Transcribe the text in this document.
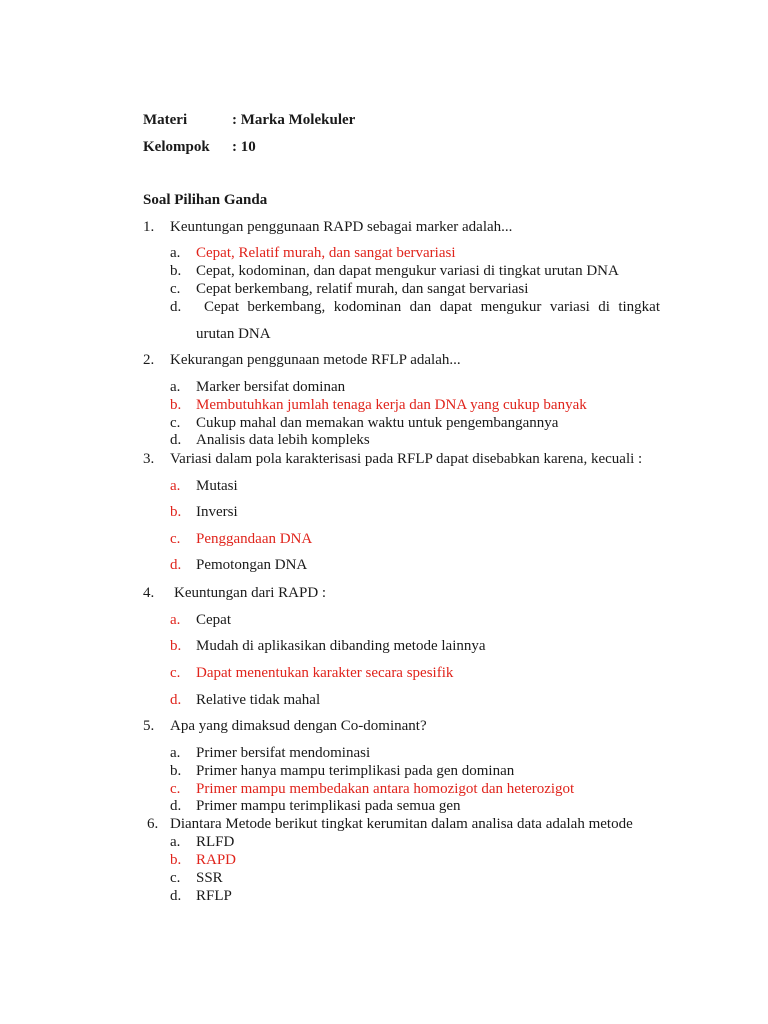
Materi	: Marka Molekuler
Kelompok : 10
Soal Pilihan Ganda
1. Keuntungan penggunaan RAPD sebagai marker adalah...
a. Cepat, Relatif murah, dan sangat bervariasi
b. Cepat, kodominan, dan dapat mengukur variasi di tingkat urutan DNA
c. Cepat berkembang, relatif murah, dan sangat bervariasi
d. Cepat berkembang, kodominan dan dapat mengukur variasi di tingkat
urutan DNA
2. Kekurangan penggunaan metode RFLP adalah...
a. Marker bersifat dominan
b. Membutuhkan jumlah tenaga kerja dan DNA yang cukup banyak
c. Cukup mahal dan memakan waktu untuk pengembangannya
d. Analisis data lebih kompleks
3. Variasi dalam pola karakterisasi pada RFLP dapat disebabkan karena, kecuali :
a. Mutasi
b. Inversi
c. Penggandaan DNA
d. Pemotongan DNA
4. Keuntungan dari RAPD :
a. Cepat
b. Mudah di aplikasikan dibanding metode lainnya
c. Dapat menentukan karakter secara spesifik
d. Relative tidak mahal
5. Apa yang dimaksud dengan Co-dominant?
a. Primer bersifat mendominasi
b. Primer hanya mampu terimplikasi pada gen dominan
c. Primer mampu membedakan antara homozigot dan heterozigot
d. Primer mampu terimplikasi pada semua gen
6. Diantara Metode berikut tingkat kerumitan dalam analisa data adalah metode
a. RLFD
b. RAPD
c. SSR
d. RFLP
